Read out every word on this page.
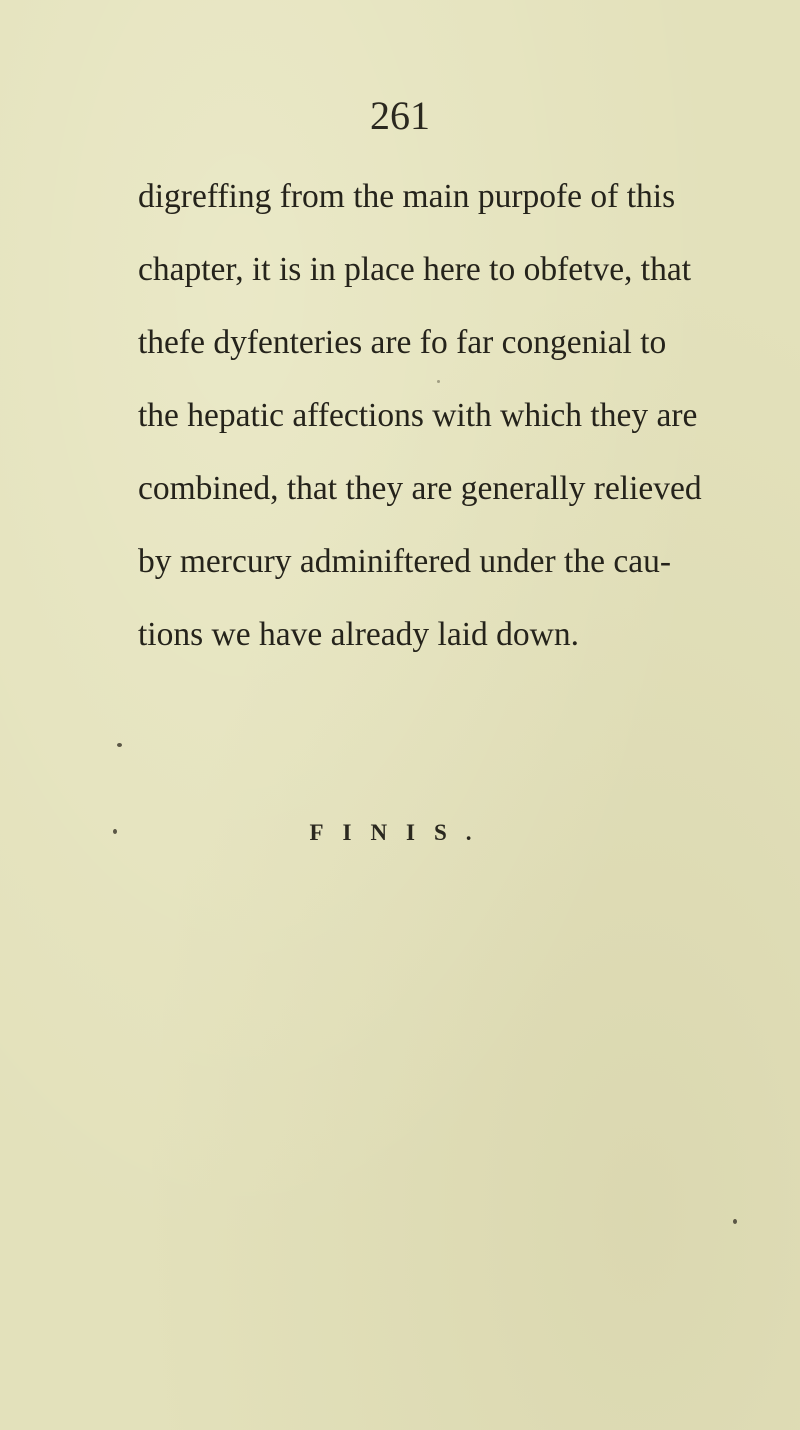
261
digreffing from the main purpofe of this
chapter, it is in place here to obfetve, that
thefe dyfenteries are fo far congenial to
the hepatic affections with which they are
combined, that they are generally relieved
by mercury adminiftered under the cau-
tions we have already laid down.
FINIS.
